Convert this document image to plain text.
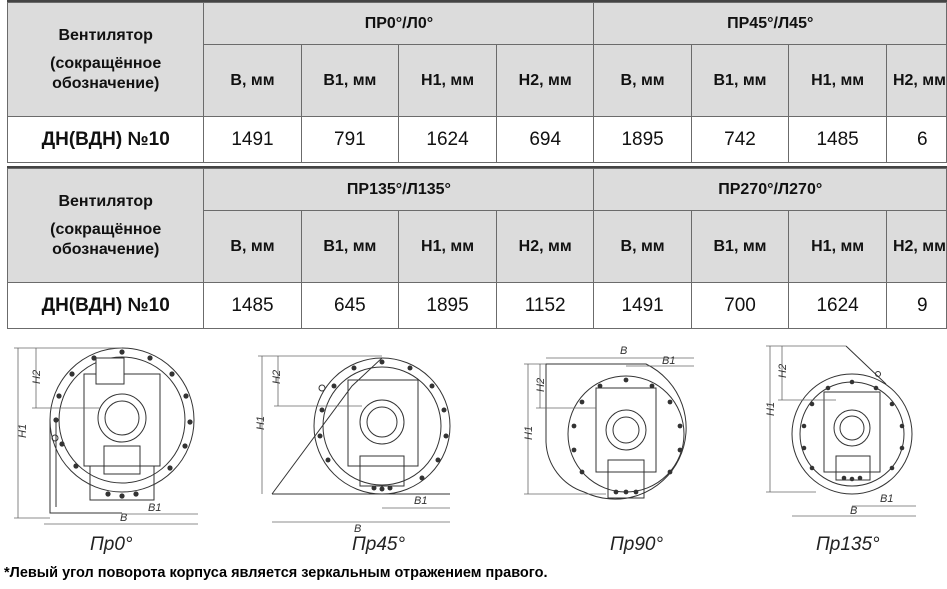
Вентилятор
(сокращённое
обозначение)	ПР0°/Л0°				ПР45°/Л45°			
	В, мм	В1, мм	Н1, мм	Н2, мм	В, мм	В1, мм	Н1, мм	Н2, мм
ДН(ВДН) №10	1491	791	1624	694	1895	742	1485	6
Вентилятор
(сокращённое
обозначение)	ПР135°/Л135°				ПР270°/Л270°			
	В, мм	В1, мм	Н1, мм	Н2, мм	В, мм	В1, мм	Н1, мм	Н2, мм
ДН(ВДН) №10	1485	645	1895	1152	1491	700	1624	9
H1
H2
B1
B
Пр0°
H1
H2
B1
B
Пр45°
H1
H2
B
B1
Пр90°
H1
H2
B1
B
Пр135°
*Левый угол поворота корпуса является зеркальным отражением правого.
